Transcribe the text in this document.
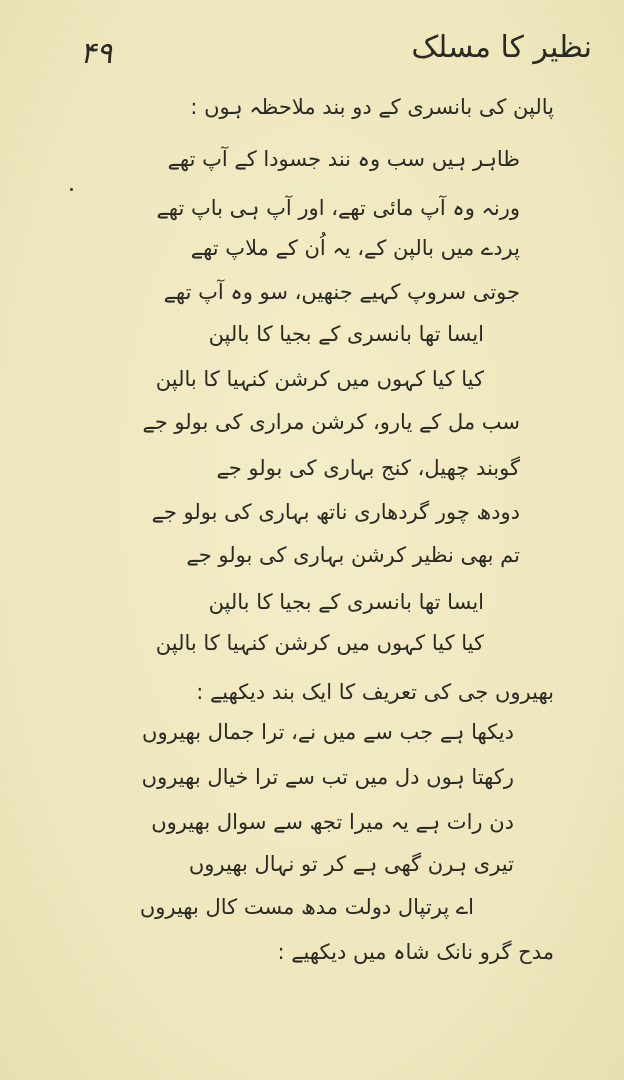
نظیر کا مسلک
۴۹
پالپن کی بانسری کے دو بند ملاحظہ ہوں :
ظاہر ہیں سب وہ نند جسودا کے آپ تھے
ورنہ وہ آپ مائی تھے، اور آپ ہی باپ تھے
پردے میں بالپن کے، یہ اُن کے ملاپ تھے
جوتی سروپ کہیے جنھیں، سو وہ آپ تھے
ایسا تھا بانسری کے بجیا کا بالپن
کیا کیا کہوں میں کرشن کنہیا کا بالپن
سب مل کے یارو، کرشن مراری کی بولو جے
گوبند چھیل، کنج بہاری کی بولو جے
دودھ چور گردھاری ناتھ بہاری کی بولو جے
تم بھی نظیر کرشن بہاری کی بولو جے
ایسا تھا بانسری کے بجیا کا بالپن
کیا کیا کہوں میں کرشن کنہیا کا بالپن
بھیروں جی کی تعریف کا ایک بند دیکھیے :
دیکھا ہے جب سے میں نے، ترا جمال بھیروں
رکھتا ہوں دل میں تب سے ترا خیال بھیروں
دن رات ہے یہ میرا تجھ سے سوال بھیروں
تیری ہرن گھی ہے کر تو نہال بھیروں
اے پرتپال دولت مدھ مست کال بھیروں
مدح گرو نانک شاہ میں دیکھیے :
